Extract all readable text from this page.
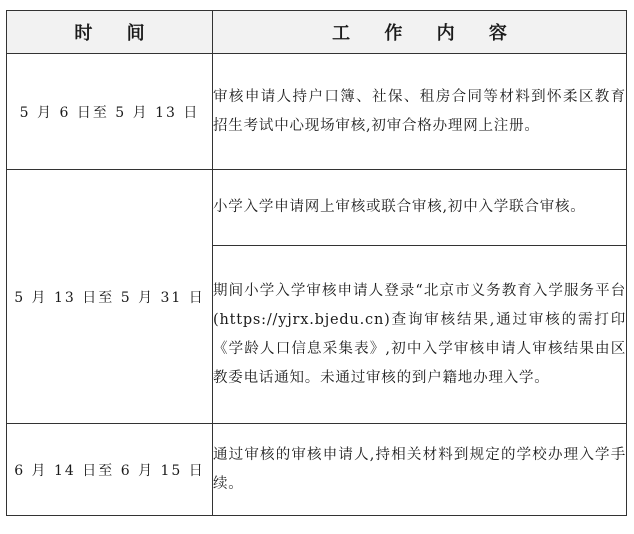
时 间	工 作 内 容
5 月 6 日至 5 月 13 日	审核申请人持户口簿、社保、租房合同等材料到怀柔区教育招生考试中心现场审核,初审合格办理网上注册。
5 月 13 日至 5 月 31 日	小学入学申请网上审核或联合审核,初中入学联合审核。
	期间小学入学审核申请人登录“北京市义务教育入学服务平台(https://yjrx.bjedu.cn)查询审核结果,通过审核的需打印《学龄人口信息采集表》,初中入学审核申请人审核结果由区教委电话通知。未通过审核的到户籍地办理入学。
6 月 14 日至 6 月 15 日	通过审核的审核申请人,持相关材料到规定的学校办理入学手续。
